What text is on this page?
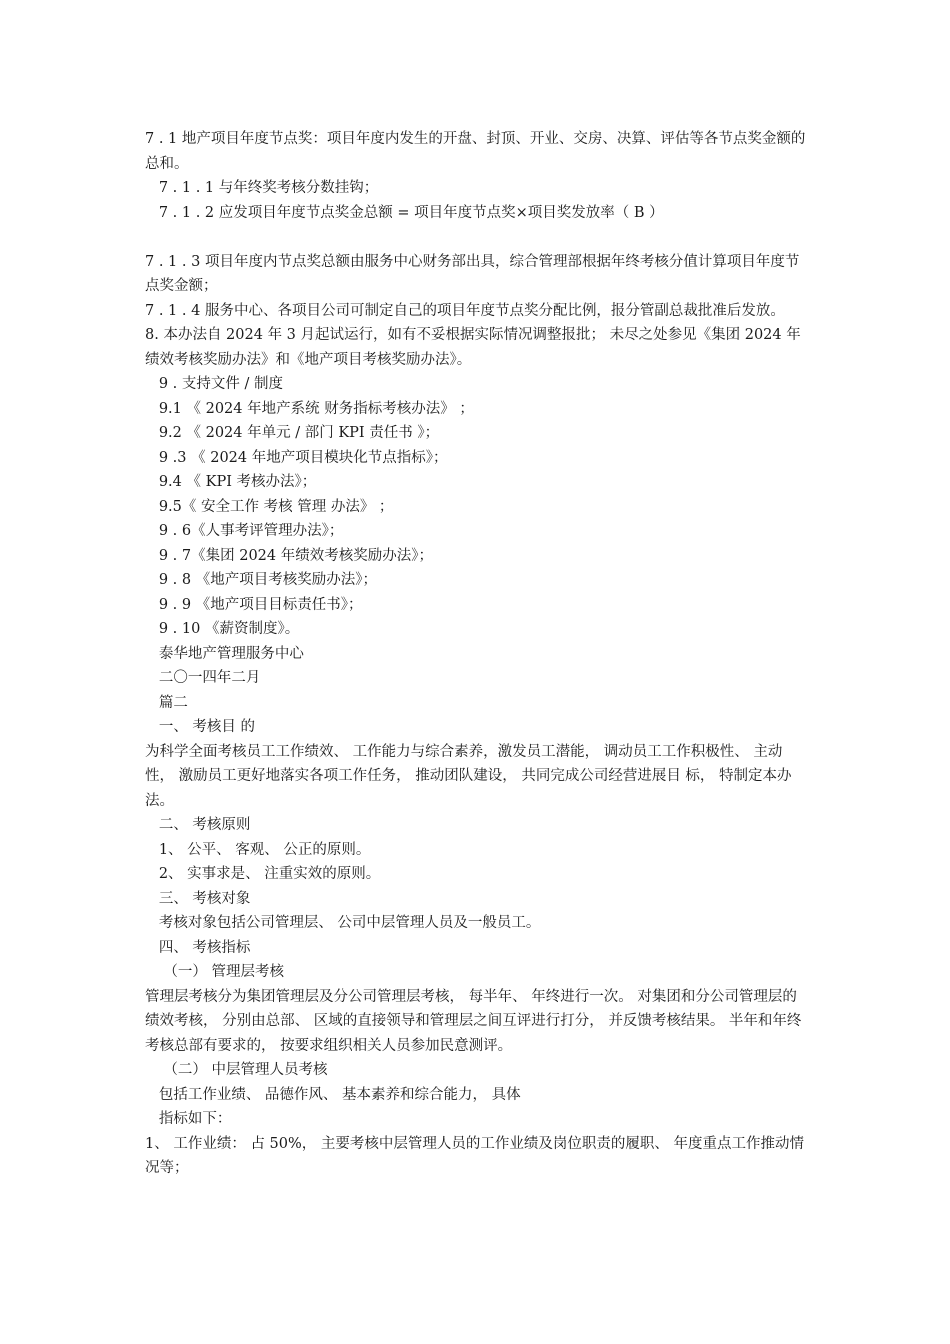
7 . 1 地产项目年度节点奖：项目年度内发生的开盘、封顶、开业、交房、决算、评估等各节点奖金额的总和。
7 . 1 . 1 与年终奖考核分数挂钩；
7 . 1 . 2 应发项目年度节点奖金总额 = 项目年度节点奖×项目奖发放率（ B ）
7 . 1 . 3 项目年度内节点奖总额由服务中心财务部出具，综合管理部根据年终考核分值计算项目年度节点奖金额；
7 . 1 . 4 服务中心、各项目公司可制定自己的项目年度节点奖分配比例，报分管副总裁批准后发放。
8. 本办法自 2024 年 3 月起试运行，如有不妥根据实际情况调整报批； 未尽之处参见《集团 2024 年绩效考核奖励办法》和《地产项目考核奖励办法》。
9 . 支持文件 / 制度
9.1 《 2024 年地产系统 财务指标考核办法》 ；
9.2 《 2024 年单元 / 部门 KPI 责任书 》；
9 .3 《 2024 年地产项目模块化节点指标》；
9.4 《 KPI 考核办法》；
9.5《 安全工作 考核 管理 办法》 ；
9 . 6《人事考评管理办法》；
9 . 7《集团 2024 年绩效考核奖励办法》；
9 . 8 《地产项目考核奖励办法》；
9 . 9 《地产项目目标责任书》；
9 . 10 《薪资制度》。
泰华地产管理服务中心
二〇一四年二月
篇二
一、 考核目 的
为科学全面考核员工工作绩效、 工作能力与综合素养，激发员工潜能， 调动员工工作积极性、 主动性， 激励员工更好地落实各项工作任务， 推动团队建设， 共同完成公司经营进展目 标， 特制定本办法。
二、 考核原则
1、 公平、 客观、 公正的原则。
2、 实事求是、 注重实效的原则。
三、 考核对象
考核对象包括公司管理层、 公司中层管理人员及一般员工。
四、 考核指标
（一） 管理层考核
管理层考核分为集团管理层及分公司管理层考核， 每半年、 年终进行一次。 对集团和分公司管理层的绩效考核， 分别由总部、 区域的直接领导和管理层之间互评进行打分， 并反馈考核结果。 半年和年终考核总部有要求的， 按要求组织相关人员参加民意测评。
（二） 中层管理人员考核
包括工作业绩、 品德作风、 基本素养和综合能力， 具体
指标如下：
1、 工作业绩： 占 50%， 主要考核中层管理人员的工作业绩及岗位职责的履职、 年度重点工作推动情况等；
